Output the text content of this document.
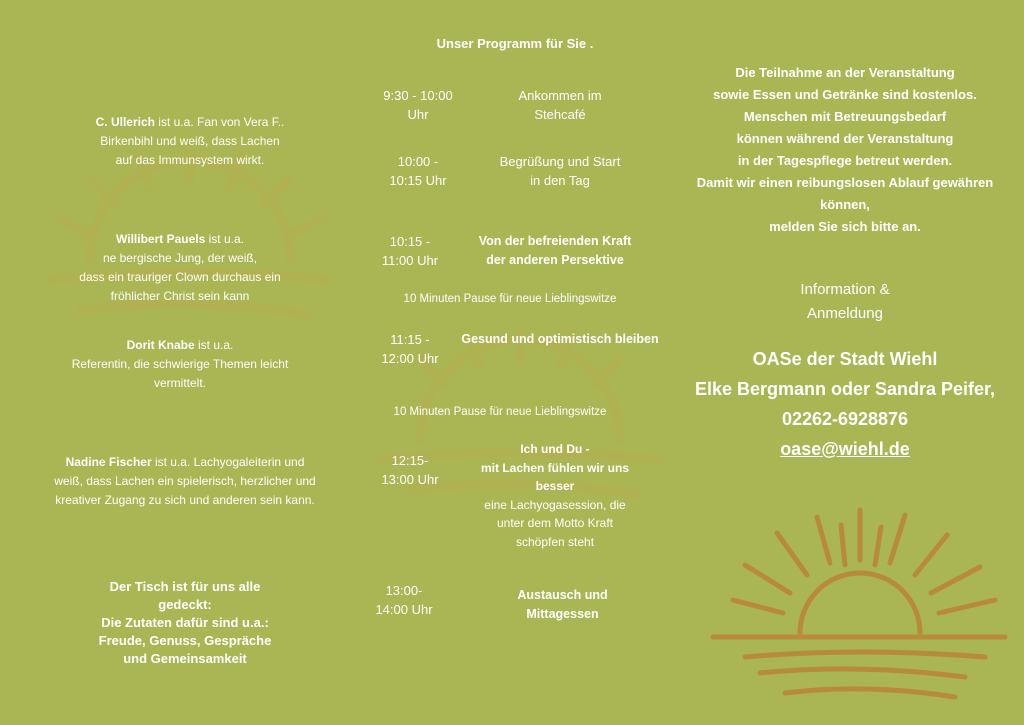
C. Ullerich ist u.a. Fan von Vera F..
Birkenbihl und weiß, dass Lachen
auf das Immunsystem wirkt.
Willibert Pauels ist u.a.
ne bergische Jung, der weiß,
dass ein trauriger Clown durchaus ein
fröhlicher Christ sein kann
Dorit Knabe ist u.a.
Referentin, die schwierige Themen leicht
vermittelt.
Nadine Fischer ist u.a. Lachyogaleiterin und
weiß, dass Lachen ein spielerisch, herzlicher und
kreativer Zugang zu sich und anderen sein kann.
Der Tisch ist für uns alle
gedeckt:
Die Zutaten dafür sind u.a.:
Freude, Genuss, Gespräche
und Gemeinsamkeit
Unser Programm für Sie .
9:30 - 10:00
Uhr
Ankommen im
Stehcafé
10:00 -
10:15 Uhr
Begrüßung und Start
in den Tag
10:15 -
11:00 Uhr
Von der befreienden Kraft
der anderen Persektive
10 Minuten Pause für neue Lieblingswitze
11:15 -
12:00 Uhr
Gesund und optimistisch bleiben
10 Minuten Pause für neue Lieblingswitze
12:15-
13:00 Uhr
Ich und Du -
mit Lachen fühlen wir uns
besser
eine Lachyogasession, die
unter dem Motto Kraft
schöpfen steht
13:00-
14:00 Uhr
Austausch und
Mittagessen
Die Teilnahme an der Veranstaltung
sowie Essen und Getränke sind kostenlos.
Menschen mit Betreuungsbedarf
können während der Veranstaltung
in der Tagespflege betreut werden.
Damit wir einen reibungslosen Ablauf gewähren
können,
melden Sie sich bitte an.
Information &
Anmeldung
OASe der Stadt Wiehl
Elke Bergmann oder Sandra Peifer,
02262-6928876
oase@wiehl.de
